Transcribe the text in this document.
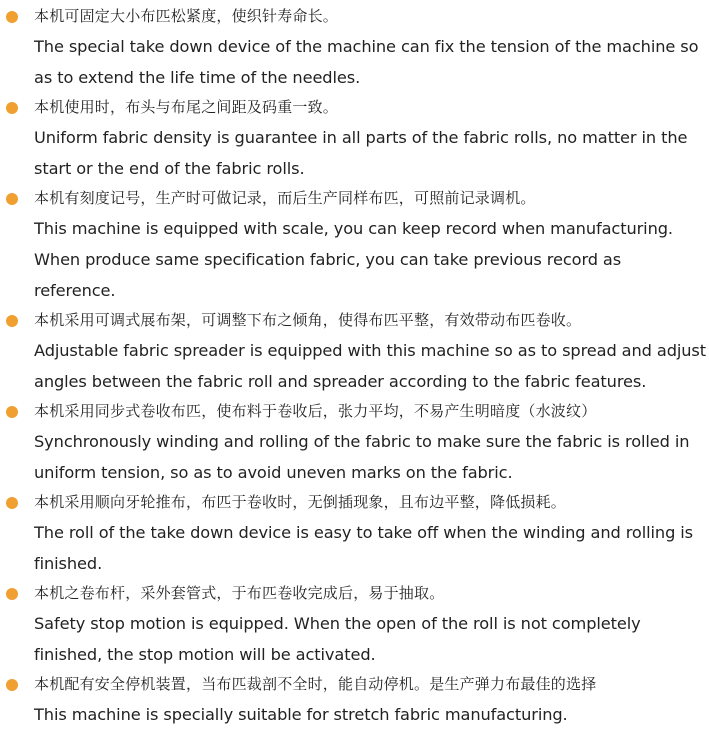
本机可固定大小布匹松紧度，使织针寿命长。
The special take down device of the machine can fix the tension of the machine so as to extend the life time of the needles.
本机使用时，布头与布尾之间距及码重一致。
Uniform fabric density is guarantee in all parts of the fabric rolls, no matter in the start or the end of the fabric rolls.
本机有刻度记号，生产时可做记录，而后生产同样布匹，可照前记录调机。
This machine is equipped with scale, you can keep record when manufacturing. When produce same specification fabric, you can take previous record as reference.
本机采用可调式展布架，可调整下布之倾角，使得布匹平整，有效带动布匹卷收。
Adjustable fabric spreader is equipped with this machine so as to spread and adjust angles between the fabric roll and spreader according to the fabric features.
本机采用同步式卷收布匹，使布料于卷收后，张力平均，不易产生明暗度（水波纹）
Synchronously winding and rolling of the fabric to make sure the fabric is rolled in uniform tension, so as to avoid uneven marks on the fabric.
本机采用顺向牙轮推布，布匹于卷收时，无倒插现象，且布边平整，降低损耗。
The roll of the take down device is easy to take off when the winding and rolling is finished.
本机之卷布杆，采外套管式，于布匹卷收完成后，易于抽取。
Safety stop motion is equipped. When the open of the roll is not completely finished, the stop motion will be activated.
本机配有安全停机装置，当布匹裁剖不全时，能自动停机。是生产弹力布最佳的选择
This machine is specially suitable for stretch fabric manufacturing.
